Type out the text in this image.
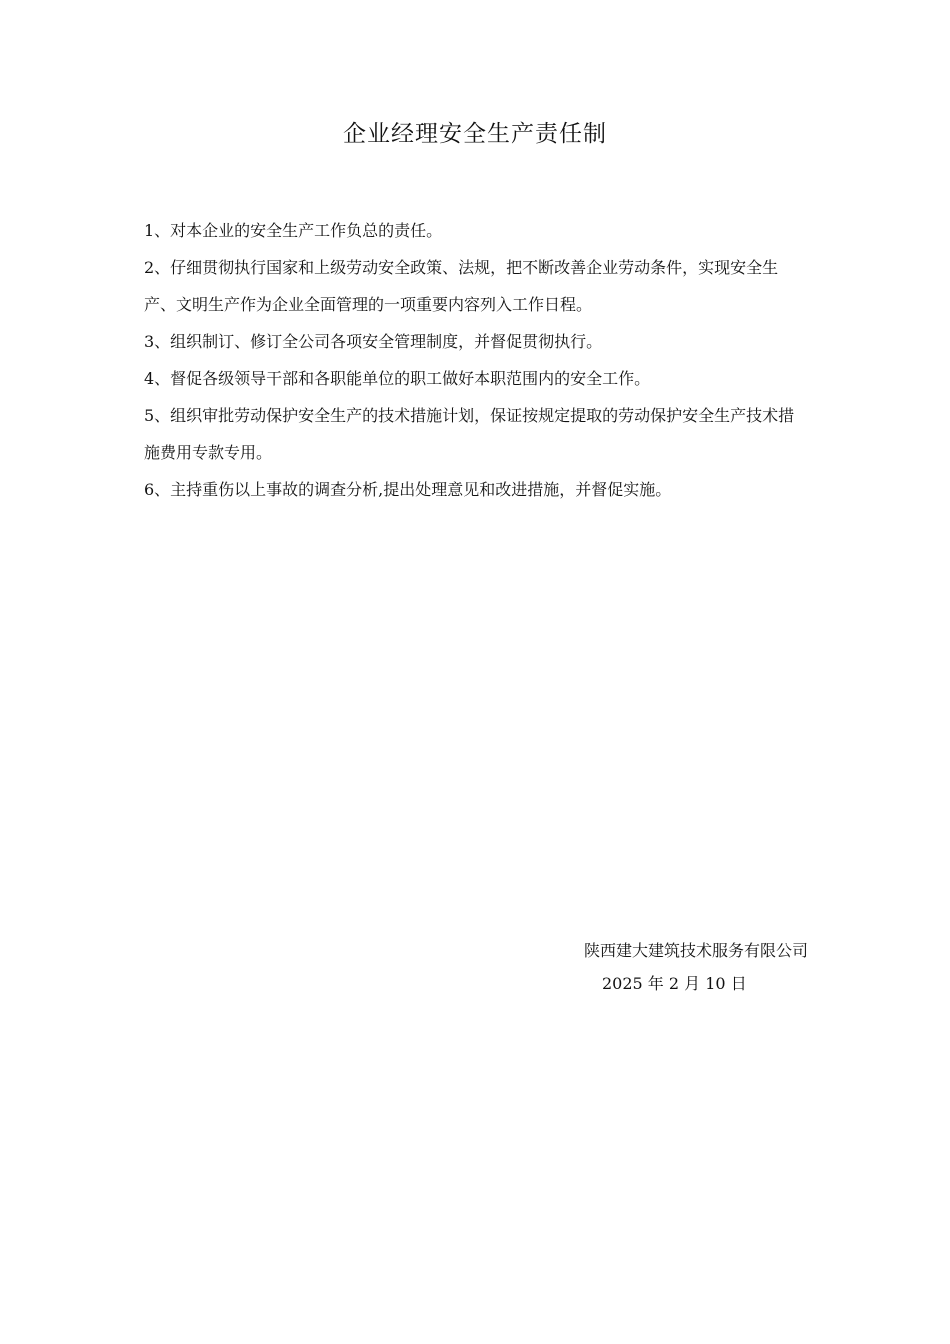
企业经理安全生产责任制

1、对本企业的安全生产工作负总的责任。

2、仔细贯彻执行国家和上级劳动安全政策、法规，把不断改善企业劳动条件，实现安全生产、文明生产作为企业全面管理的一项重要内容列入工作日程。

3、组织制订、修订全公司各项安全管理制度，并督促贯彻执行。

4、督促各级领导干部和各职能单位的职工做好本职范围内的安全工作。

5、组织审批劳动保护安全生产的技术措施计划，保证按规定提取的劳动保护安全生产技术措施费用专款专用。

6、主持重伤以上事故的调查分析,提出处理意见和改进措施，并督促实施。

陕西建大建筑技术服务有限公司
2025 年 2 月 10 日
